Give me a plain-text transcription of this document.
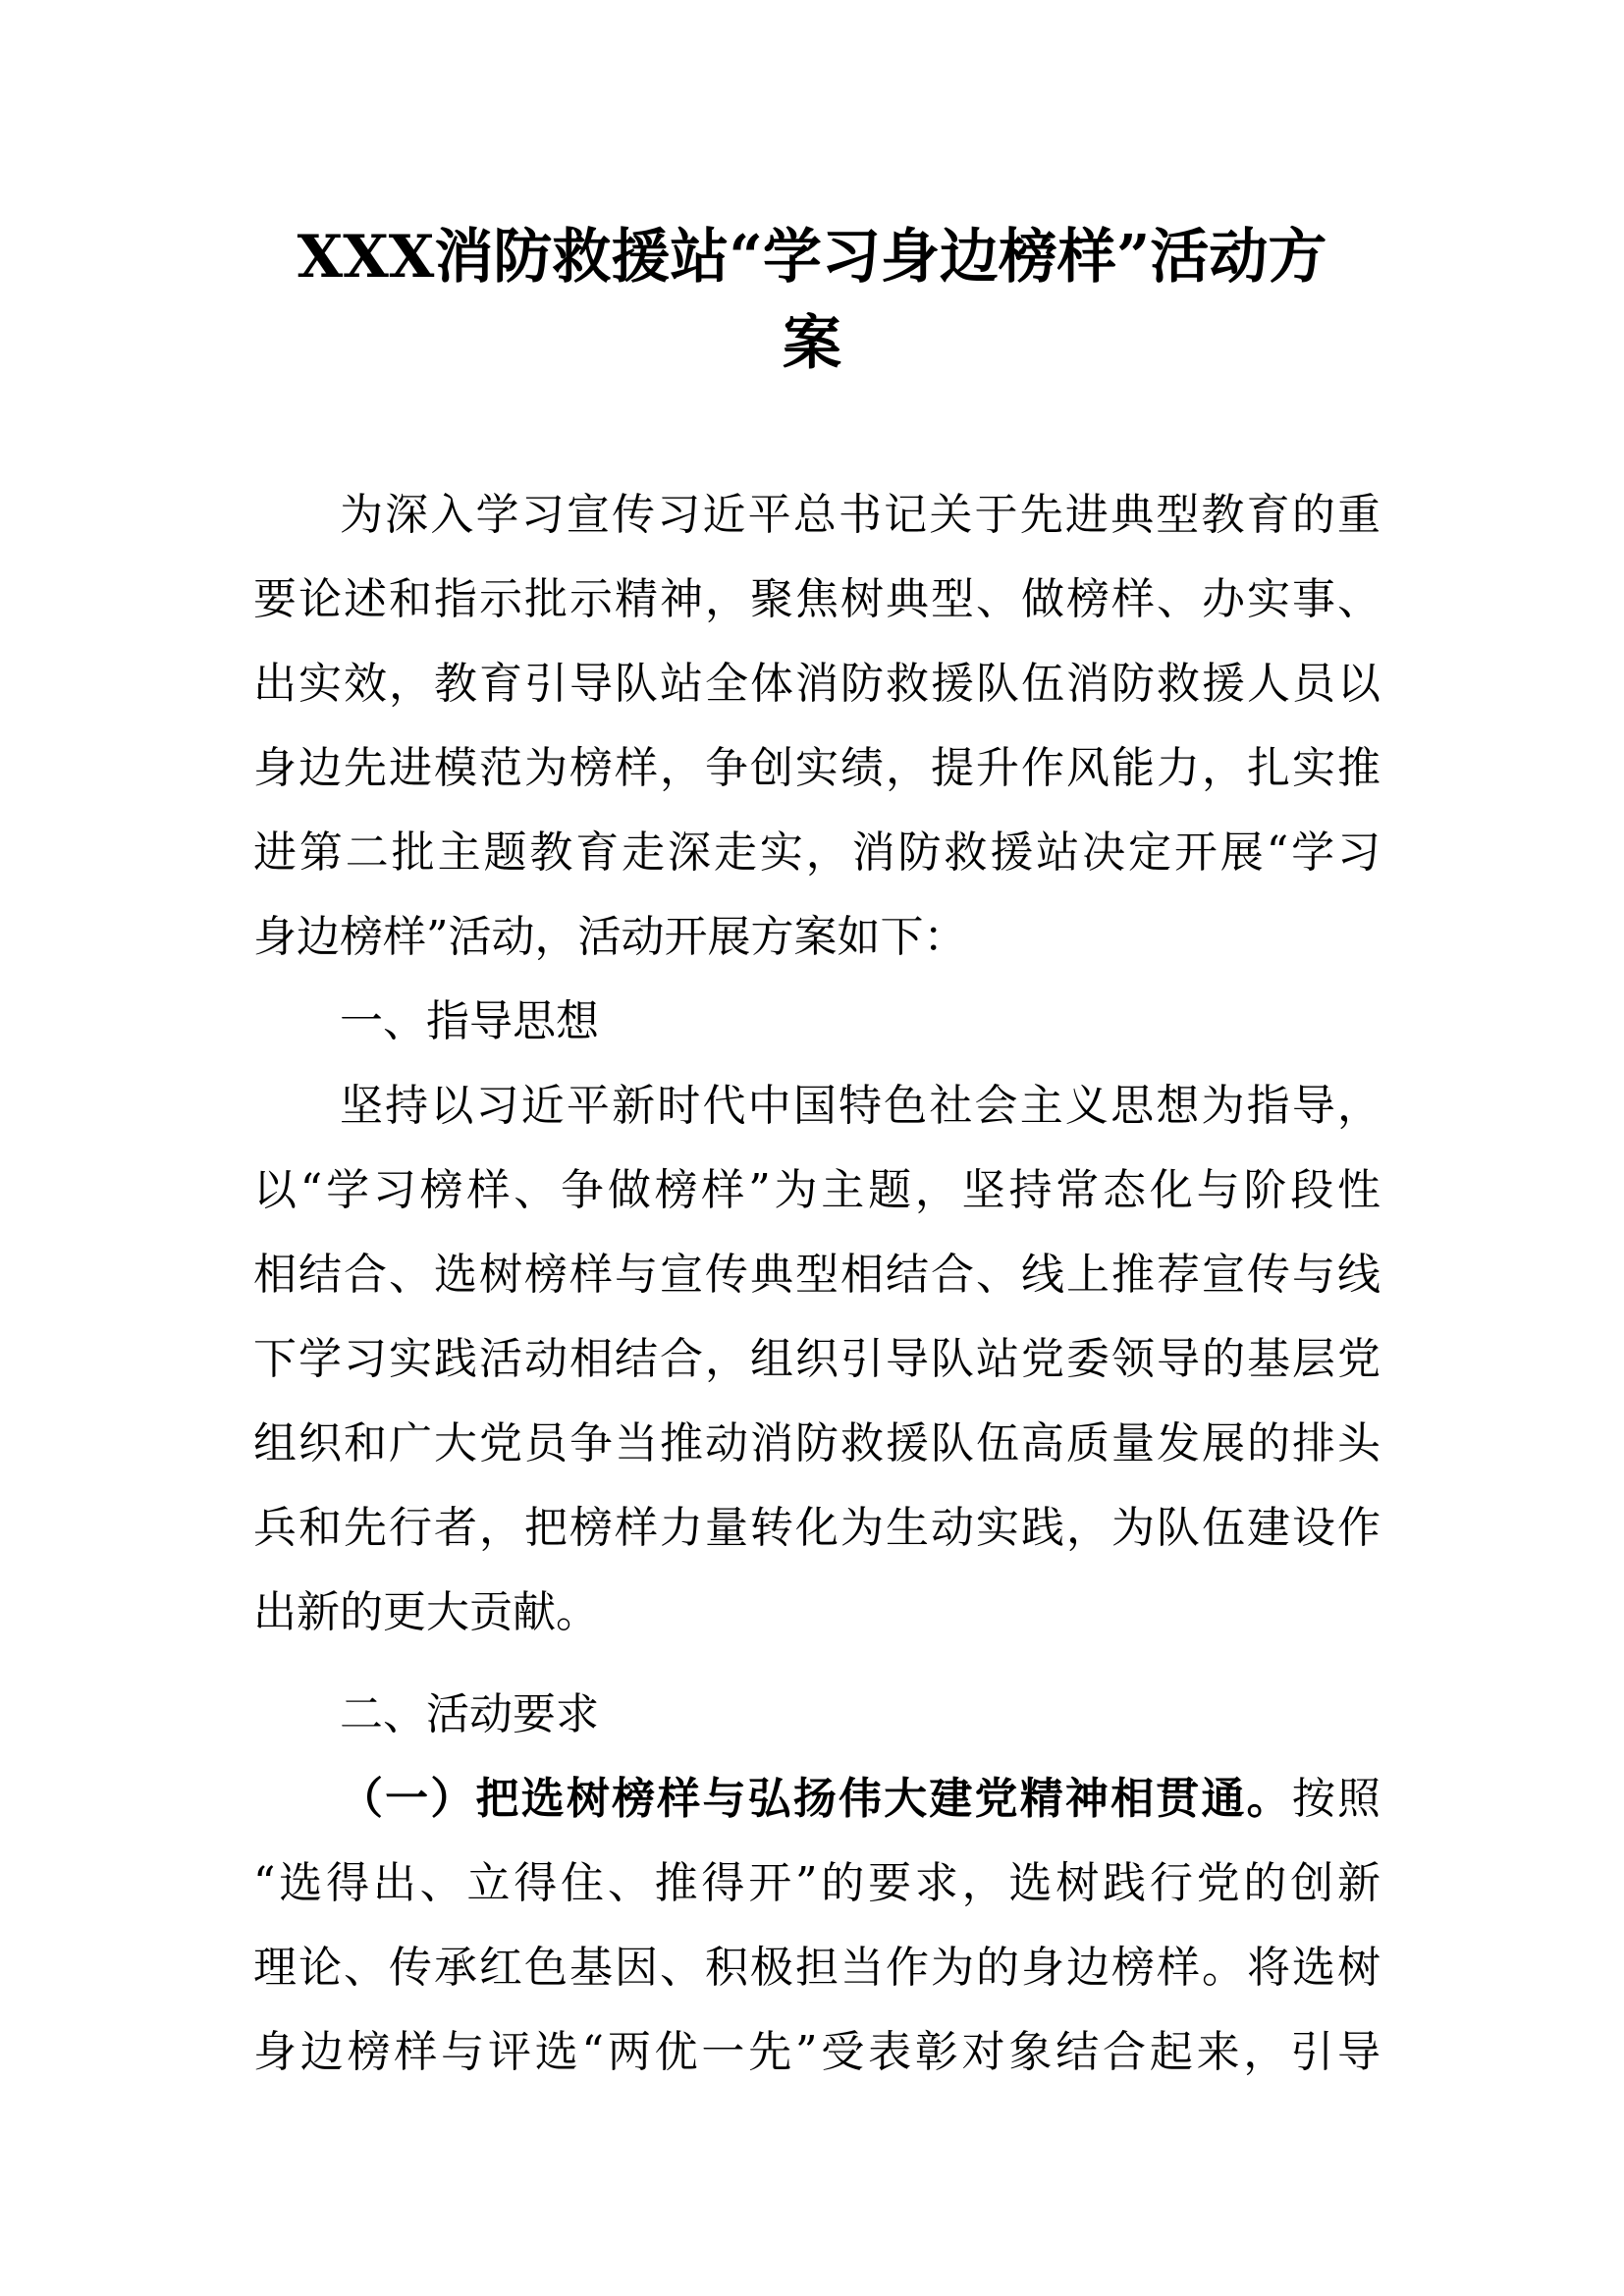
XXX消防救援站“学习身边榜样”活动方
案
为深入学习宣传习近平总书记关于先进典型教育的重
要论述和指示批示精神，聚焦树典型、做榜样、办实事、
出实效，教育引导队站全体消防救援队伍消防救援人员以
身边先进模范为榜样，争创实绩，提升作风能力，扎实推
进第二批主题教育走深走实，消防救援站决定开展“学习
身边榜样”活动，活动开展方案如下：
一、指导思想
坚持以习近平新时代中国特色社会主义思想为指导，
以“学习榜样、争做榜样”为主题，坚持常态化与阶段性
相结合、选树榜样与宣传典型相结合、线上推荐宣传与线
下学习实践活动相结合，组织引导队站党委领导的基层党
组织和广大党员争当推动消防救援队伍高质量发展的排头
兵和先行者，把榜样力量转化为生动实践，为队伍建设作
出新的更大贡献。
二、活动要求
（一）把选树榜样与弘扬伟大建党精神相贯通。按照
“选得出、立得住、推得开”的要求，选树践行党的创新
理论、传承红色基因、积极担当作为的身边榜样。将选树
身边榜样与评选“两优一先”受表彰对象结合起来，引导
